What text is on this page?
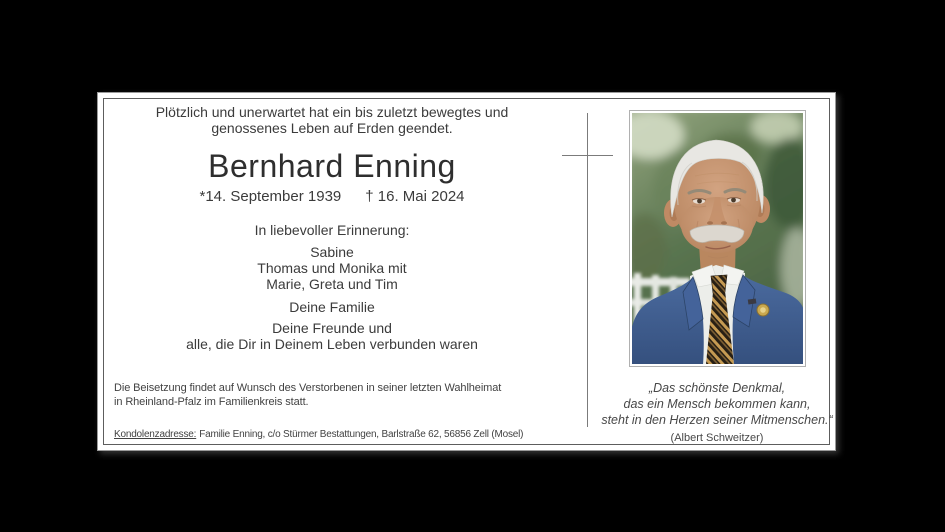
Plötzlich und unerwartet hat ein bis zuletzt bewegtes und
genossenes Leben auf Erden geendet.
Bernhard Enning
*14. September 1939 † 16. Mai 2024
In liebevoller Erinnerung:
Sabine
Thomas und Monika mit
Marie, Greta und Tim
Deine Familie
Deine Freunde und
alle, die Dir in Deinem Leben verbunden waren
Die Beisetzung findet auf Wunsch des Verstorbenen in seiner letzten Wahlheimat
in Rheinland-Pfalz im Familienkreis statt.
Kondolenzadresse: Familie Enning, c/o Stürmer Bestattungen, Barlstraße 62, 56856 Zell (Mosel)
„Das schönste Denkmal,
das ein Mensch bekommen kann,
steht in den Herzen seiner Mitmenschen.“
(Albert Schweitzer)
